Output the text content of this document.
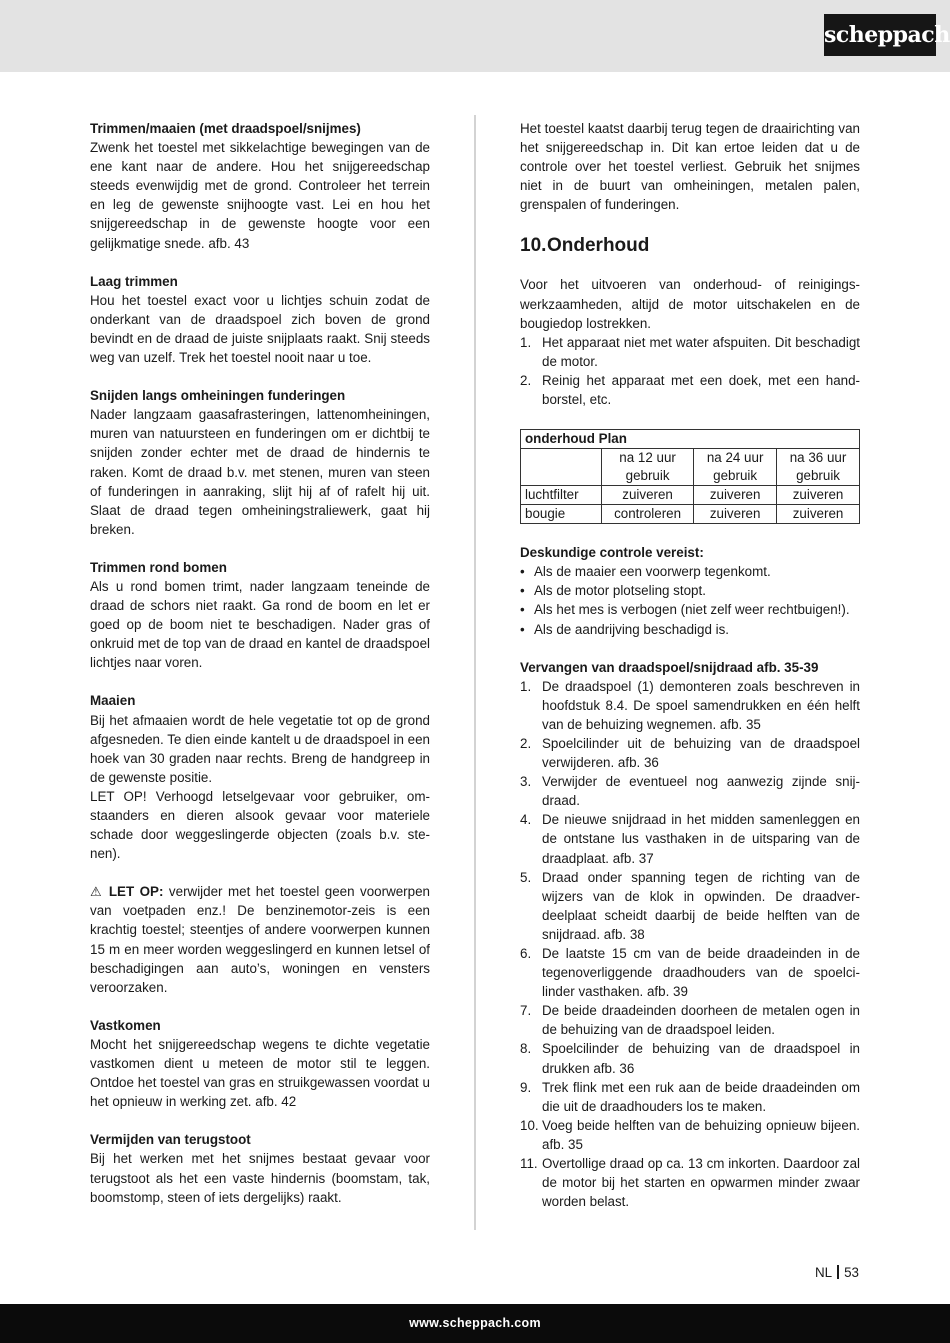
scheppach

Trimmen/maaien (met draadspoel/snijmes)

Zwenk het toestel met sikkelachtige bewegingen van de ene kant naar de andere. Hou het snijgereedschap steeds evenwijdig met de grond. Controleer het terrein en leg de gewenste snijhoogte vast. Lei en hou het snijgereedschap in de gewenste hoogte voor een gelijkmatige snede. afb. 43

Laag trimmen

Hou het toestel exact voor u lichtjes schuin zodat de onderkant van de draadspoel zich boven de grond bevindt en de draad de juiste snijplaats raakt. Snij steeds weg van uzelf. Trek het toestel nooit naar u toe.

Snijden langs omheiningen funderingen

Nader langzaam gaasafrasteringen, lattenomheiningen, muren van natuursteen en funderingen om er dichtbij te snijden zonder echter met de draad de hindernis te raken. Komt de draad b.v. met stenen, muren van steen of funderingen in aanraking, slijt hij af of rafelt hij uit. Slaat de draad tegen omheiningstraliewerk, gaat hij breken.

Trimmen rond bomen

Als u rond bomen trimt, nader langzaam teneinde de draad de schors niet raakt. Ga rond de boom en let er goed op de boom niet te beschadigen. Nader gras of onkruid met de top van de draad en kantel de draadspoel lichtjes naar voren.

Maaien

Bij het afmaaien wordt de hele vegetatie tot op de grond afgesneden. Te dien einde kantelt u de draadspoel in een hoek van 30 graden naar rechts. Breng de handgreep in de gewenste positie.

LET OP! Verhoogd letselgevaar voor gebruiker, omstaanders en dieren alsook gevaar voor materiele schade door weggeslingerde objecten (zoals b.v. stenen).

⚠ LET OP: verwijder met het toestel geen voorwerpen van voetpaden enz.! De benzinemotor-zeis is een krachtig toestel; steentjes of andere voorwerpen kunnen 15 m en meer worden weggeslingerd en kunnen letsel of beschadigingen aan auto’s, woningen en vensters veroorzaken.

Vastkomen

Mocht het snijgereedschap wegens te dichte vegetatie vastkomen dient u meteen de motor stil te leggen. Ontdoe het toestel van gras en struikgewassen voordat u het opnieuw in werking zet. afb. 42

Vermijden van terugstoot

Bij het werken met het snijmes bestaat gevaar voor terugstoot als het een vaste hindernis (boomstam, tak, boomstomp, steen of iets dergelijks) raakt.

Het toestel kaatst daarbij terug tegen de draairichting van het snijgereedschap in. Dit kan ertoe leiden dat u de controle over het toestel verliest. Gebruik het snijmes niet in de buurt van omheiningen, metalen palen, grenspalen of funderingen.

10.Onderhoud

Voor het uitvoeren van onderhoud- of reinigingswerkzaamheden, altijd de motor uitschakelen en de bougiedop lostrekken.

1. Het apparaat niet met water afspuiten. Dit beschadigt de motor.
2. Reinig het apparaat met een doek, met een handborstel, etc.
onderhoud Plan			
	na 12 uur gebruik	na 24 uur gebruik	na 36 uur gebruik
luchtfilter	zuiveren	zuiveren	zuiveren
bougie	controleren	zuiveren	zuiveren

Deskundige controle vereist:

• Als de maaier een voorwerp tegenkomt.
• Als de motor plotseling stopt.
• Als het mes is verbogen (niet zelf weer rechtbuigen!).
• Als de aandrijving beschadigd is.

Vervangen van draadspoel/snijdraad afb. 35-39

1. De draadspoel (1) demonteren zoals beschreven in hoofdstuk 8.4. De spoel samendrukken en één helft van de behuizing wegnemen. afb. 35
2. Spoelcilinder uit de behuizing van de draadspoel verwijderen. afb. 36
3. Verwijder de eventueel nog aanwezig zijnde snijdraad.
4. De nieuwe snijdraad in het midden samenleggen en de ontstane lus vasthaken in de uitsparing van de draadplaat. afb. 37
5. Draad onder spanning tegen de richting van de wijzers van de klok in opwinden. De draadverdeelplaat scheidt daarbij de beide helften van de snijdraad. afb. 38
6. De laatste 15 cm van de beide draadeinden in de tegenoverliggende draadhouders van de spoelcilinder vasthaken. afb. 39
7. De beide draadeinden doorheen de metalen ogen in de behuizing van de draadspoel leiden.
8. Spoelcilinder de behuizing van de draadspoel in drukken afb. 36
9. Trek flink met een ruk aan de beide draadeinden om die uit de draadhouders los te maken.
10. Voeg beide helften van de behuizing opnieuw bijeen. afb. 35
11. Overtollige draad op ca. 13 cm inkorten. Daardoor zal de motor bij het starten en opwarmen minder zwaar worden belast.
NL 53
www.scheppach.com
